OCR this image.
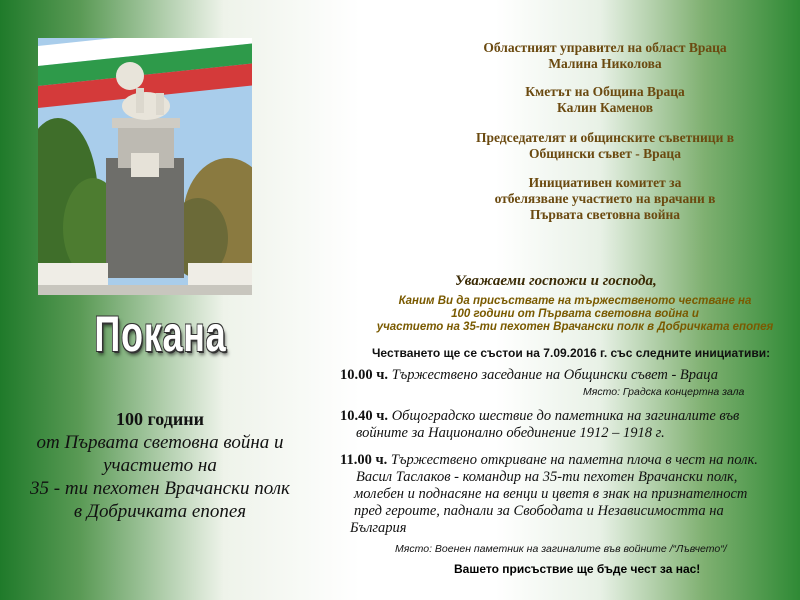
Покана
100 години
от Първата световна война и
участието на
35 - ти пехотен Врачански полк
в Добричката епопея
Областният управител на област Враца
Малина Николова
Кметът на Община Враца
Калин Каменов
Председателят и общинските съветници в
Общински съвет - Враца
Инициативен комитет за
отбелязване участието на врачани в
Първата световна война
Уважаеми госпожи и господа,
Каним Ви да присъствате на тържественото честване на
100 години от Първата световна война и
участието на 35-ти пехотен Врачански полк в Добричката епопея
Честването ще се състои на 7.09.2016 г. със следните инициативи:
10.00 ч. Тържествено заседание на Общински съвет - Враца
Място: Градска концертна зала
10.40 ч. Общоградско шествие до паметника на загиналите във
войните за Национално обединение 1912 – 1918 г.
11.00 ч. Тържествено откриване на паметна плоча в чест на полк.
Васил Таслаков - командир на 35-ти пехотен Врачански полк,
молебен и поднасяне на венци и цветя в знак на признателност
пред героите, паднали за Свободата и Независимостта на
България
Място: Военен паметник на загиналите във войните /“Лъвчето“/
Вашето присъствие ще бъде чест за нас!
